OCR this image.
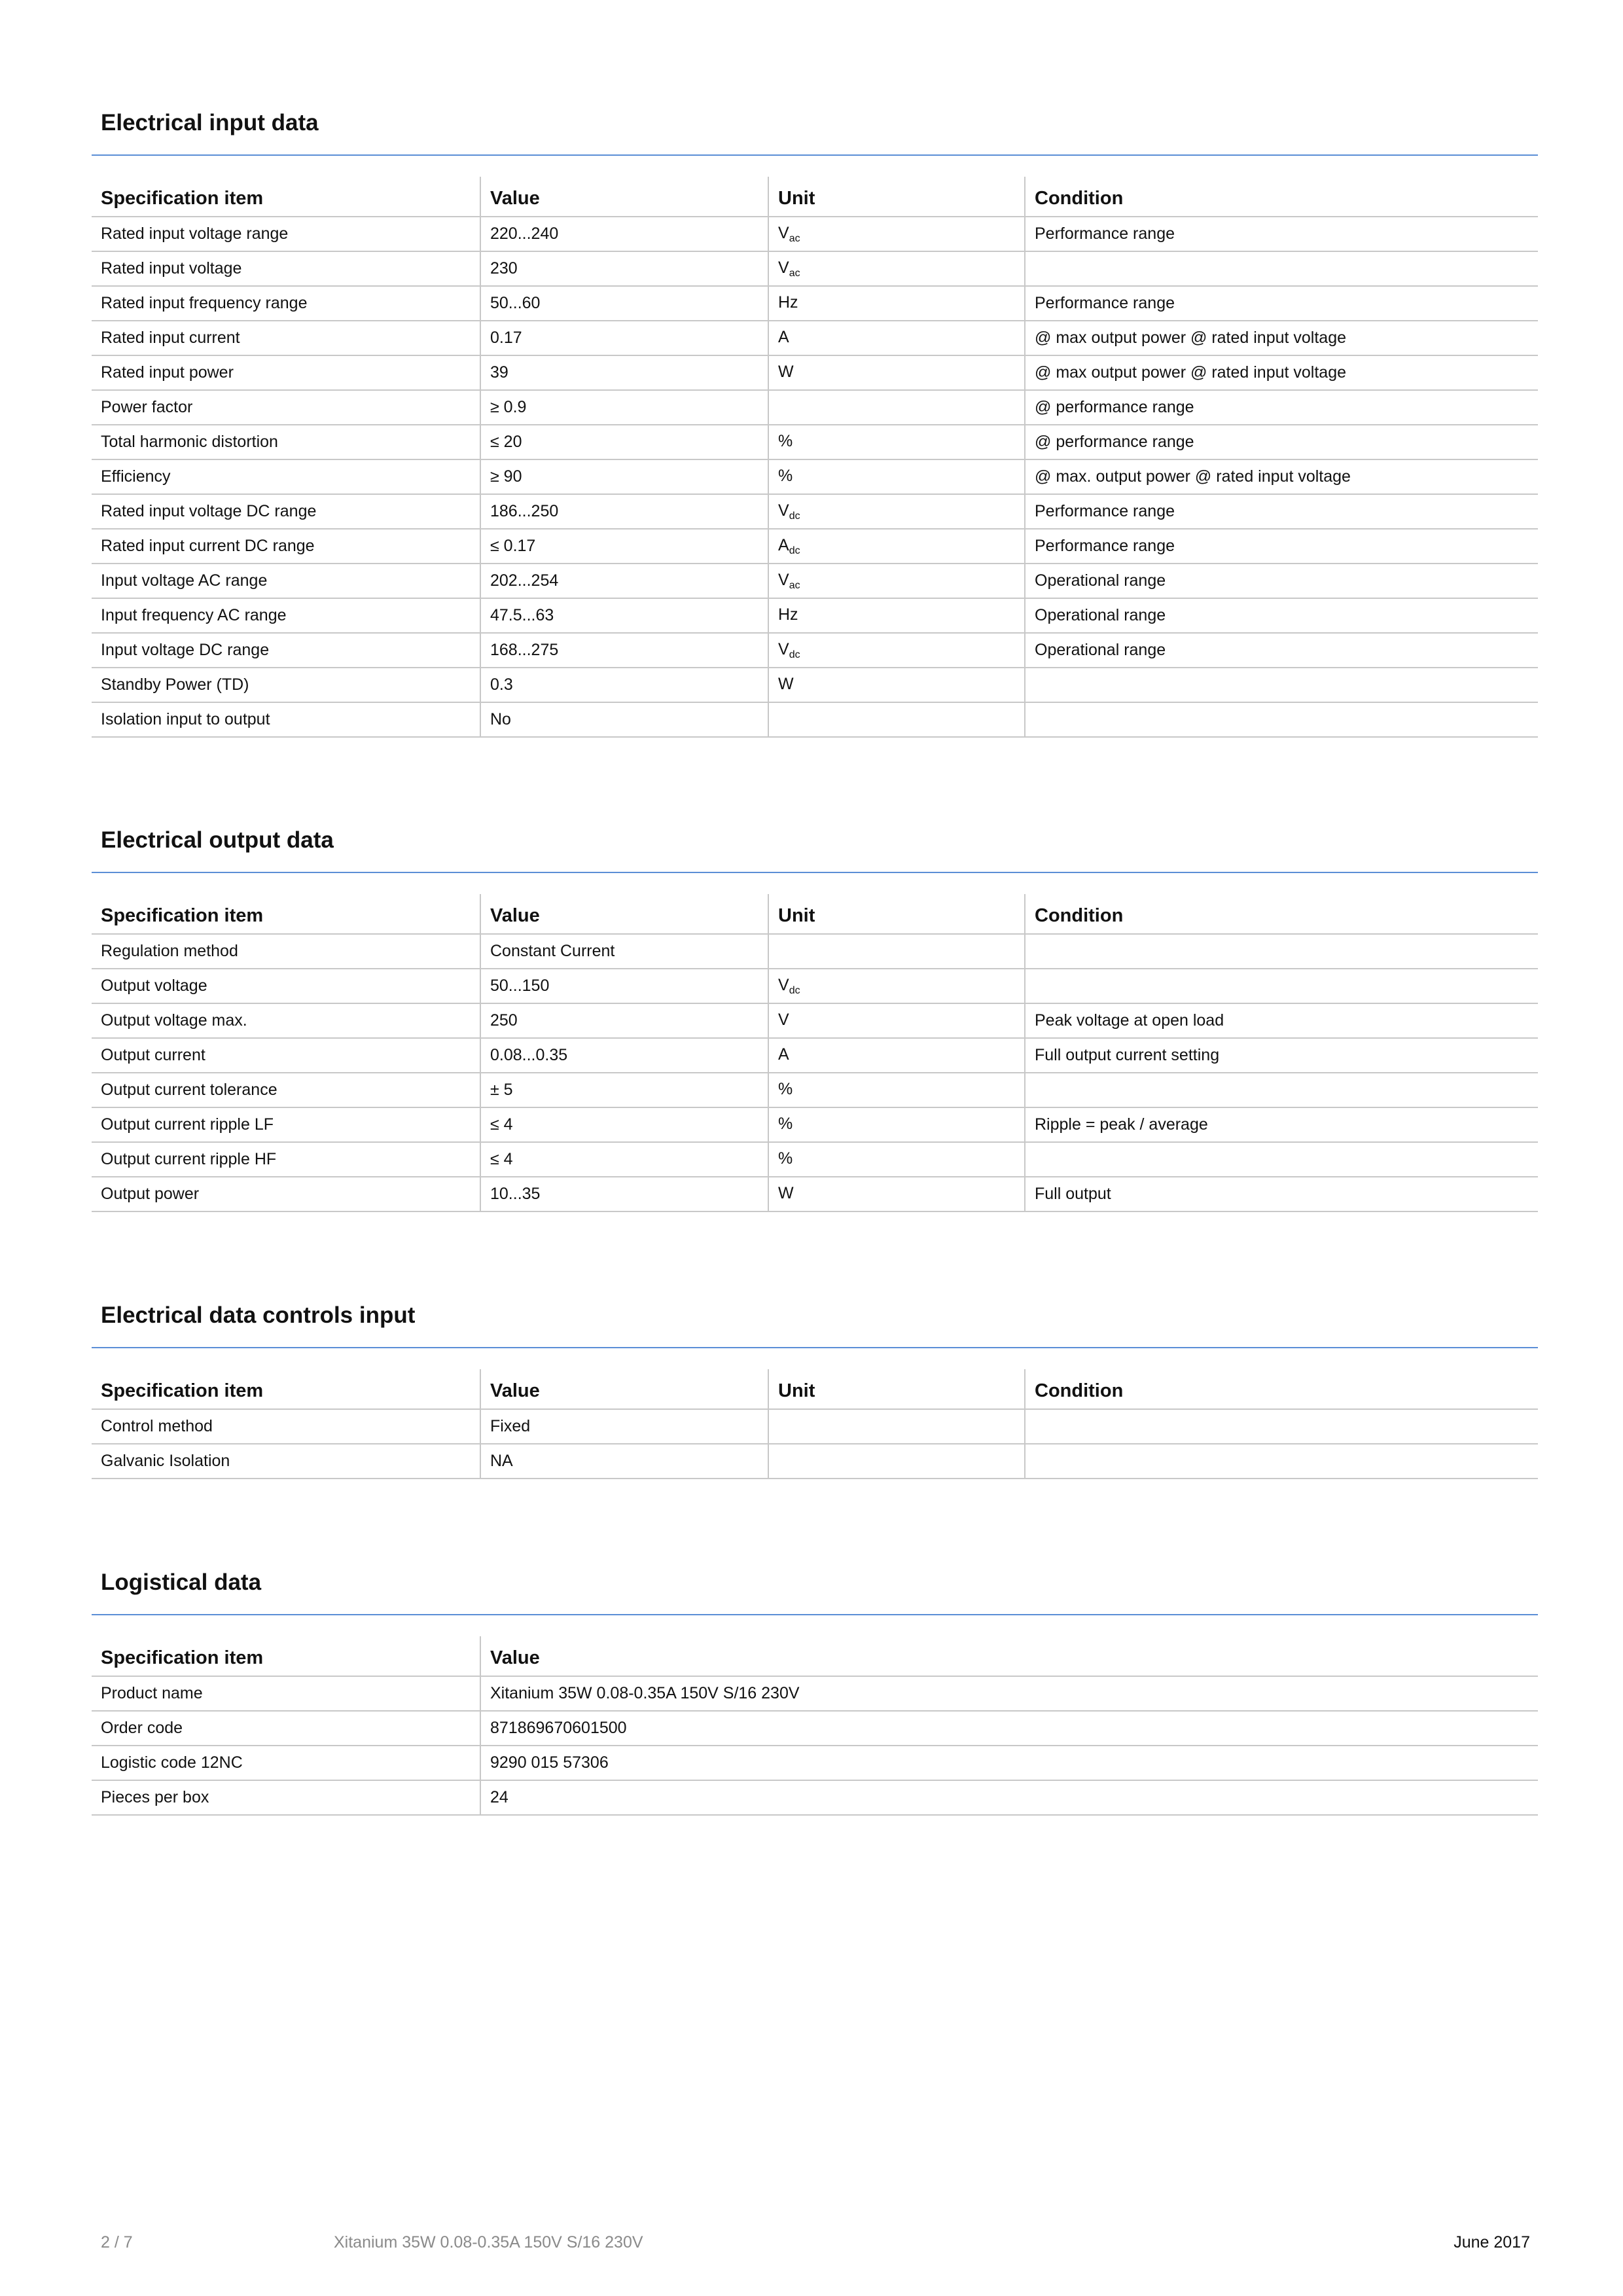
Electrical input data
Specification item	Value	Unit	Condition
Rated input voltage range	220...240	$V_{ac}$	Performance range
Rated input voltage	230	$V_{ac}$	
Rated input frequency range	50...60	Hz	Performance range
Rated input current	0.17	A	@ max output power @ rated input voltage
Rated input power	39	W	@ max output power @ rated input voltage
Power factor	≥ 0.9		@ performance range
Total harmonic distortion	≤ 20	%	@ performance range
Efficiency	≥ 90	%	@ max. output power @ rated input voltage
Rated input voltage DC range	186...250	$V_{dc}$	Performance range
Rated input current DC range	≤ 0.17	$A_{dc}$	Performance range
Input voltage AC range	202...254	$V_{ac}$	Operational range
Input frequency AC range	47.5...63	Hz	Operational range
Input voltage DC range	168...275	$V_{dc}$	Operational range
Standby Power (TD)	0.3	W	
Isolation input to output	No		
Electrical output data
Specification item	Value	Unit	Condition
Regulation method	Constant Current		
Output voltage	50...150	$V_{dc}$	
Output voltage max.	250	V	Peak voltage at open load
Output current	0.08...0.35	A	Full output current setting
Output current tolerance	± 5	%	
Output current ripple LF	≤ 4	%	Ripple = peak / average
Output current ripple HF	≤ 4	%	
Output power	10...35	W	Full output
Electrical data controls input
Specification item	Value	Unit	Condition
Control method	Fixed		
Galvanic Isolation	NA		
Logistical data
Specification item	Value
Product name	Xitanium 35W 0.08-0.35A 150V S/16 230V
Order code	871869670601500
Logistic code 12NC	9290 015 57306
Pieces per box	24
2 / 7	Xitanium 35W 0.08-0.35A 150V S/16 230V	June 2017
